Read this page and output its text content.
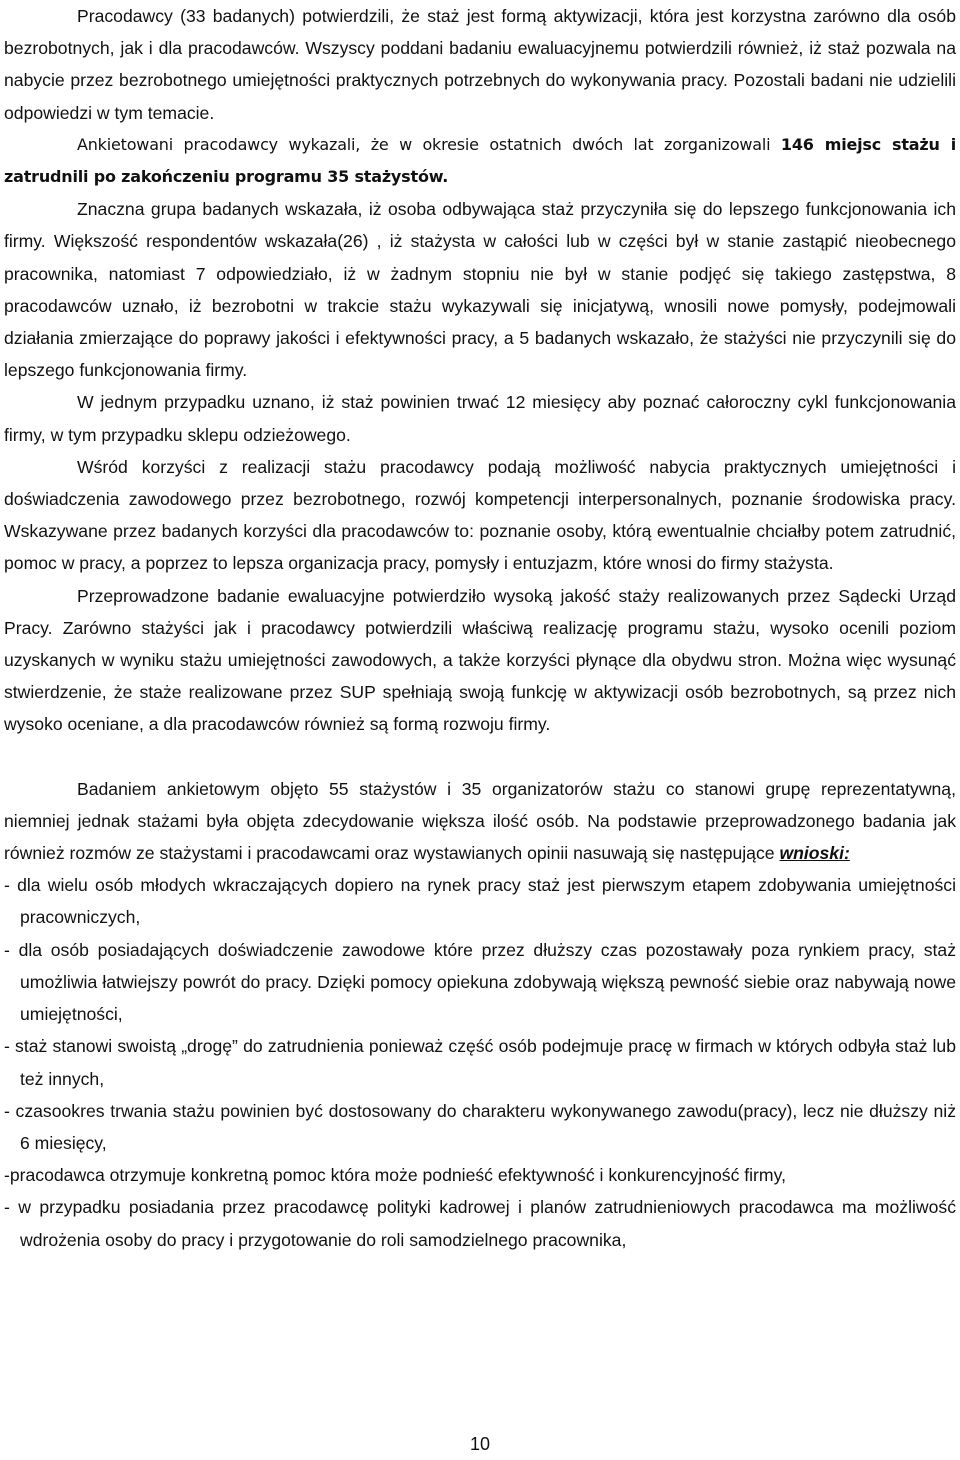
Pracodawcy (33 badanych) potwierdzili, że staż jest formą aktywizacji, która jest korzystna zarówno dla osób bezrobotnych, jak i dla pracodawców. Wszyscy poddani badaniu ewaluacyjnemu potwierdzili również, iż staż pozwala na nabycie przez bezrobotnego umiejętności praktycznych potrzebnych do wykonywania pracy. Pozostali badani nie udzielili odpowiedzi w tym temacie.

Ankietowani pracodawcy wykazali, że w okresie ostatnich dwóch lat zorganizowali 146 miejsc stażu i zatrudnili po zakończeniu programu 35 stażystów.

Znaczna grupa badanych wskazała, iż osoba odbywająca staż przyczyniła się do lepszego funkcjonowania ich firmy. Większość respondentów wskazała(26) , iż stażysta w całości lub w części był w stanie zastąpić nieobecnego pracownika, natomiast 7 odpowiedziało, iż w żadnym stopniu nie był w stanie podjęć się takiego zastępstwa, 8 pracodawców uznało, iż bezrobotni w trakcie stażu wykazywali się inicjatywą, wnosili nowe pomysły, podejmowali działania zmierzające do poprawy jakości i efektywności pracy, a 5 badanych wskazało, że stażyści nie przyczynili się do lepszego funkcjonowania firmy.

W jednym przypadku uznano, iż staż powinien trwać 12 miesięcy aby poznać całoroczny cykl funkcjonowania firmy, w tym przypadku sklepu odzieżowego.

Wśród korzyści z realizacji stażu pracodawcy podają możliwość nabycia praktycznych umiejętności i doświadczenia zawodowego przez bezrobotnego, rozwój kompetencji interpersonalnych, poznanie środowiska pracy. Wskazywane przez badanych korzyści dla pracodawców to: poznanie osoby, którą ewentualnie chciałby potem zatrudnić, pomoc w pracy, a poprzez to lepsza organizacja pracy, pomysły i entuzjazm, które wnosi do firmy stażysta.

Przeprowadzone badanie ewaluacyjne potwierdziło wysoką jakość staży realizowanych przez Sądecki Urząd Pracy. Zarówno stażyści jak i pracodawcy potwierdzili właściwą realizację programu stażu, wysoko ocenili poziom uzyskanych w wyniku stażu umiejętności zawodowych, a także korzyści płynące dla obydwu stron. Można więc wysunąć stwierdzenie, że staże realizowane przez SUP spełniają swoją funkcję w aktywizacji osób bezrobotnych, są przez nich wysoko oceniane, a dla pracodawców również są formą rozwoju firmy.

Badaniem ankietowym objęto 55 stażystów i 35 organizatorów stażu co stanowi grupę reprezentatywną, niemniej jednak stażami była objęta zdecydowanie większa ilość osób. Na podstawie przeprowadzonego badania jak również rozmów ze stażystami i pracodawcami oraz wystawianych opinii nasuwają się następujące wnioski:

- dla wielu osób młodych wkraczających dopiero na rynek pracy staż jest pierwszym etapem zdobywania umiejętności pracowniczych,

- dla osób posiadających doświadczenie zawodowe które przez dłuższy czas pozostawały poza rynkiem pracy, staż umożliwia łatwiejszy powrót do pracy. Dzięki pomocy opiekuna zdobywają większą pewność siebie oraz nabywają nowe umiejętności,

- staż stanowi swoistą „drogę” do zatrudnienia ponieważ część osób podejmuje pracę w firmach w których odbyła staż lub też innych,

- czasookres trwania stażu powinien być dostosowany do charakteru wykonywanego zawodu(pracy), lecz nie dłuższy niż 6 miesięcy,

-pracodawca otrzymuje konkretną pomoc która może podnieść efektywność i konkurencyjność firmy,

- w przypadku posiadania przez pracodawcę polityki kadrowej i planów zatrudnieniowych pracodawca ma możliwość wdrożenia osoby do pracy i przygotowanie do roli samodzielnego pracownika,

10
